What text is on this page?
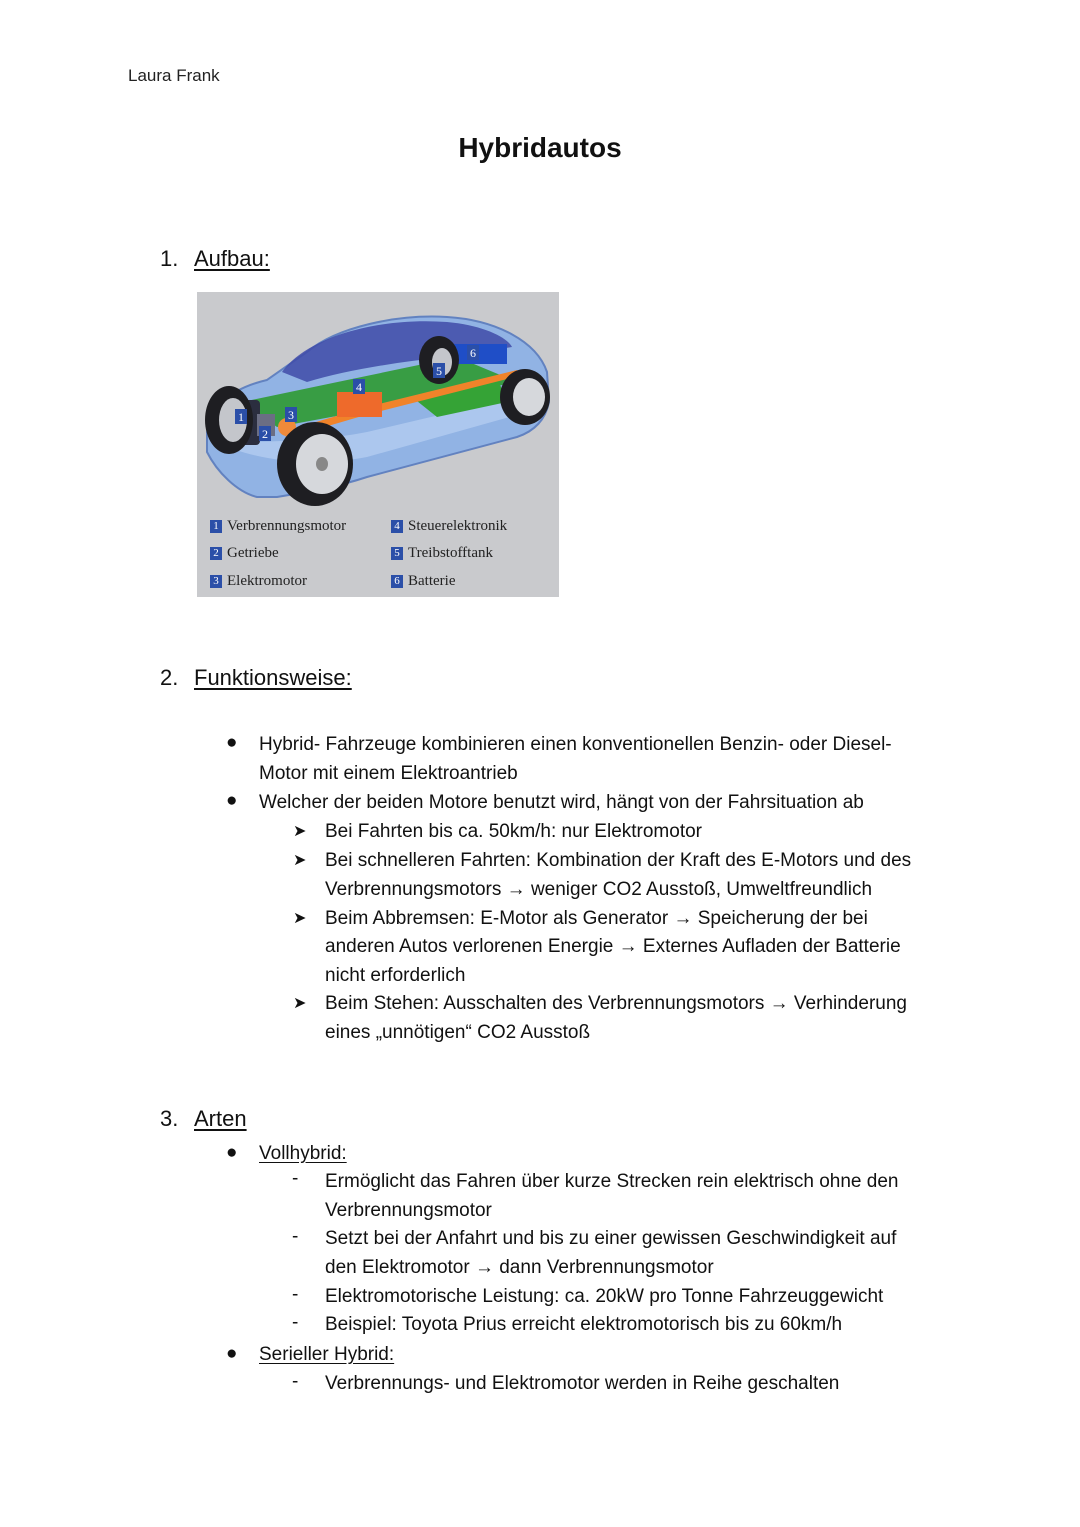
Laura Frank
Hybridautos
1. Aufbau:
1
2
3
4
5
6
1 Verbrennungsmotor
2 Getriebe
3 Elektromotor
4 Steuerelektronik
5 Treibstofftank
6 Batterie
2. Funktionsweise:
● Hybrid- Fahrzeuge kombinieren einen konventionellen Benzin- oder Diesel-
Motor mit einem Elektroantrieb
● Welcher der beiden Motore benutzt wird, hängt von der Fahrsituation ab
➤ Bei Fahrten bis ca. 50km/h: nur Elektromotor
➤ Bei schnelleren Fahrten: Kombination der Kraft des E-Motors und des
Verbrennungsmotors → weniger CO2 Ausstoß, Umweltfreundlich
➤ Beim Abbremsen: E-Motor als Generator → Speicherung der bei
anderen Autos verlorenen Energie → Externes Aufladen der Batterie
nicht erforderlich
➤ Beim Stehen: Ausschalten des Verbrennungsmotors → Verhinderung
eines „unnötigen“ CO2 Ausstoß
3. Arten
● Vollhybrid:
- Ermöglicht das Fahren über kurze Strecken rein elektrisch ohne den
Verbrennungsmotor
- Setzt bei der Anfahrt und bis zu einer gewissen Geschwindigkeit auf
den Elektromotor → dann Verbrennungsmotor
- Elektromotorische Leistung: ca. 20kW pro Tonne Fahrzeuggewicht
- Beispiel: Toyota Prius erreicht elektromotorisch bis zu 60km/h
● Serieller Hybrid:
- Verbrennungs- und Elektromotor werden in Reihe geschalten
